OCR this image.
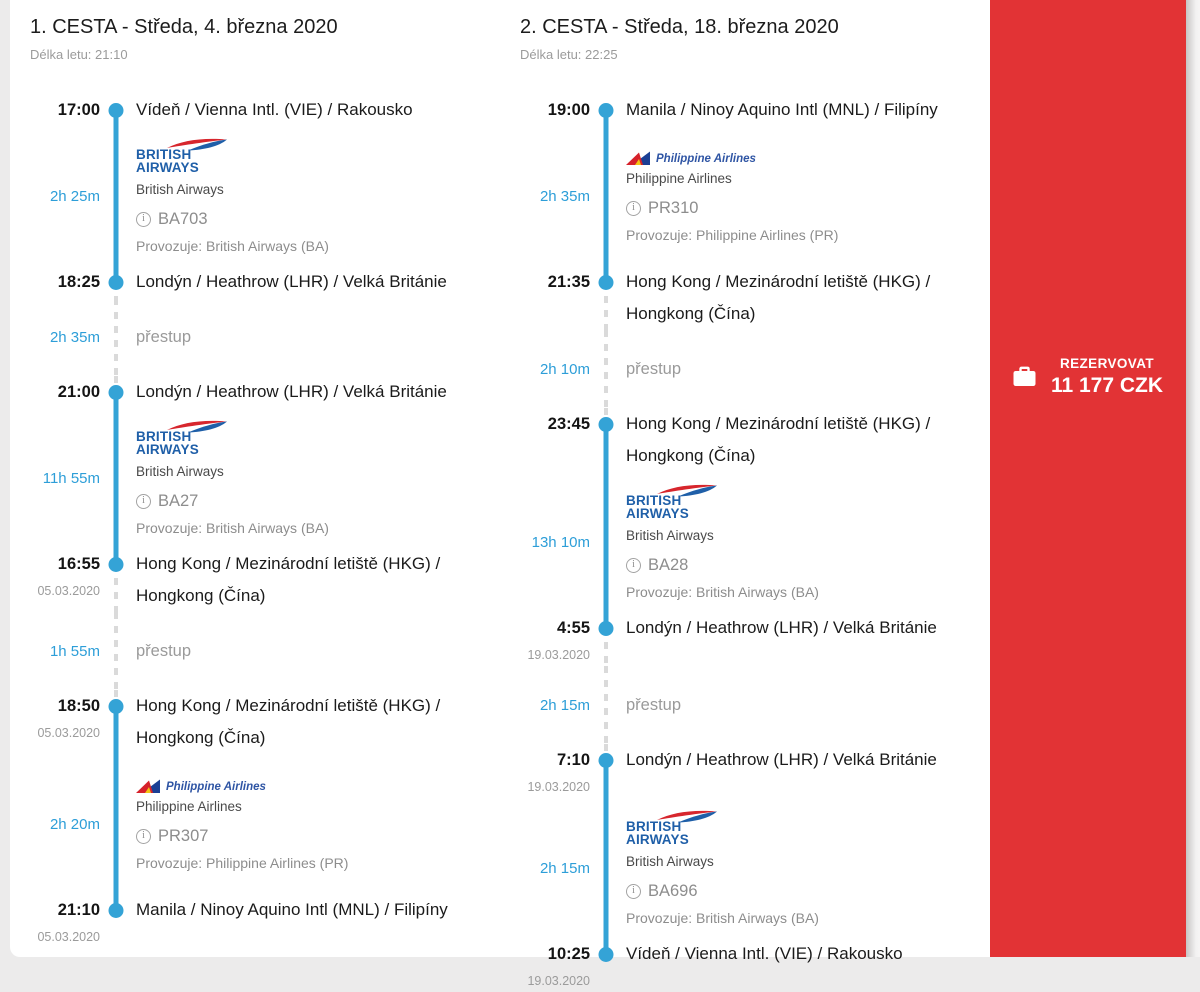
1. CESTA - Středa, 4. března 2020
Délka letu: 21:10
17:00 Vídeň / Vienna Intl. (VIE) / Rakousko
2h 25m
BRITISH
AIRWAYS
British Airways
i BA703
Provozuje: British Airways (BA)
18:25 Londýn / Heathrow (LHR) / Velká Británie
2h 35m přestup
21:00 Londýn / Heathrow (LHR) / Velká Británie
11h 55m
BRITISH
AIRWAYS
British Airways
i BA27
Provozuje: British Airways (BA)
16:55
05.03.2020
Hong Kong / Mezinárodní letiště (HKG) / Hongkong (Čína)
1h 55m přestup
18:50
05.03.2020
Hong Kong / Mezinárodní letiště (HKG) / Hongkong (Čína)
2h 20m
Philippine Airlines
Philippine Airlines
i PR307
Provozuje: Philippine Airlines (PR)
21:10
05.03.2020
Manila / Ninoy Aquino Intl (MNL) / Filipíny
2. CESTA - Středa, 18. března 2020
Délka letu: 22:25
19:00 Manila / Ninoy Aquino Intl (MNL) / Filipíny
2h 35m
Philippine Airlines
Philippine Airlines
i PR310
Provozuje: Philippine Airlines (PR)
21:35 Hong Kong / Mezinárodní letiště (HKG) / Hongkong (Čína)
2h 10m přestup
23:45 Hong Kong / Mezinárodní letiště (HKG) / Hongkong (Čína)
13h 10m
BRITISH
AIRWAYS
British Airways
i BA28
Provozuje: British Airways (BA)
4:55
19.03.2020
Londýn / Heathrow (LHR) / Velká Británie
2h 15m přestup
7:10
19.03.2020
Londýn / Heathrow (LHR) / Velká Británie
2h 15m
BRITISH
AIRWAYS
British Airways
i BA696
Provozuje: British Airways (BA)
10:25
19.03.2020
Vídeň / Vienna Intl. (VIE) / Rakousko
REZERVOVAT
11 177 CZK
